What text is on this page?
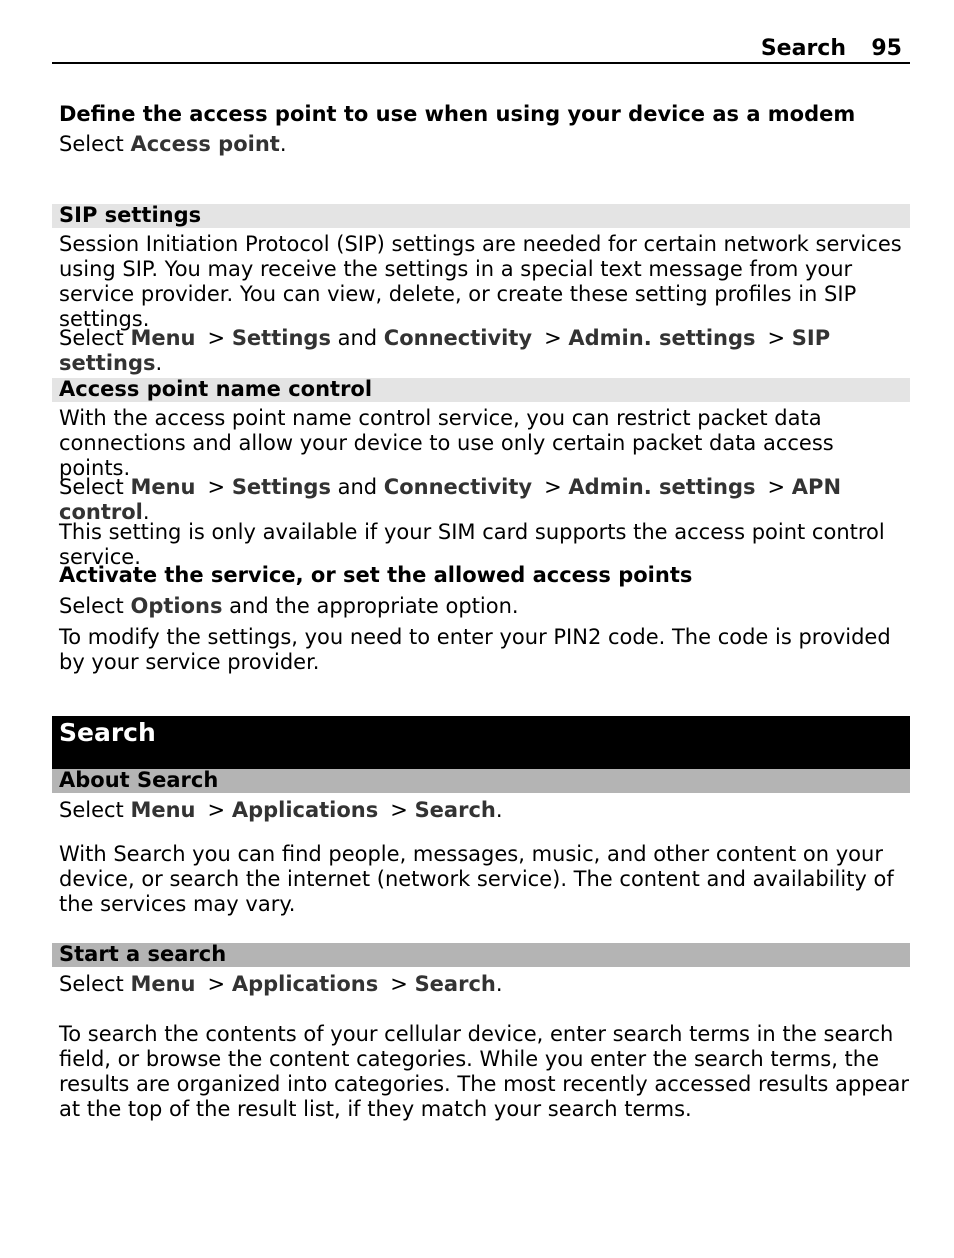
Search 95
Define the access point to use when using your device as a modem
Select Access point.
SIP settings
Session Initiation Protocol (SIP) settings are needed for certain network services using SIP. You may receive the settings in a special text message from your service provider. You can view, delete, or create these setting profiles in SIP settings.
Select Menu > Settings and Connectivity > Admin. settings > SIP settings.
Access point name control
With the access point name control service, you can restrict packet data connections and allow your device to use only certain packet data access points.
Select Menu > Settings and Connectivity > Admin. settings > APN control.
This setting is only available if your SIM card supports the access point control service.
Activate the service, or set the allowed access points
Select Options and the appropriate option.
To modify the settings, you need to enter your PIN2 code. The code is provided by your service provider.
Search
About Search
Select Menu > Applications > Search.
With Search you can find people, messages, music, and other content on your device, or search the internet (network service). The content and availability of the services may vary.
Start a search
Select Menu > Applications > Search.
To search the contents of your cellular device, enter search terms in the search field, or browse the content categories. While you enter the search terms, the results are organized into categories. The most recently accessed results appear at the top of the result list, if they match your search terms.
